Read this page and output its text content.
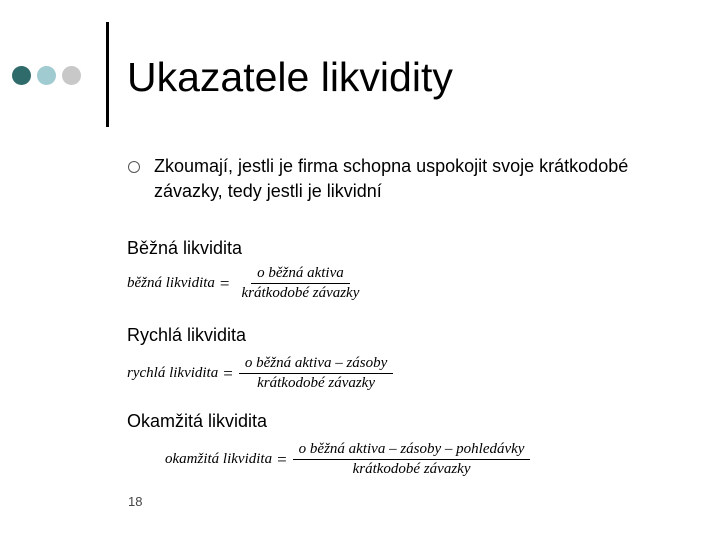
Ukazatele likvidity
Zkoumají, jestli je firma schopna uspokojit svoje krátkodobé závazky, tedy jestli je likvidní
Běžná likvidita
běžná likvidita = $\frac{\text{o běžná aktiva}}{\text{krátkodobé závazky}}$
Rychlá likvidita
rychlá likvidita = $\frac{\text{o běžná aktiva – zásoby}}{\text{krátkodobé závazky}}$
Okamžitá likvidita
okamžitá likvidita = $\frac{\text{o běžná aktiva – zásoby – pohledávky}}{\text{krátkodobé závazky}}$
18
